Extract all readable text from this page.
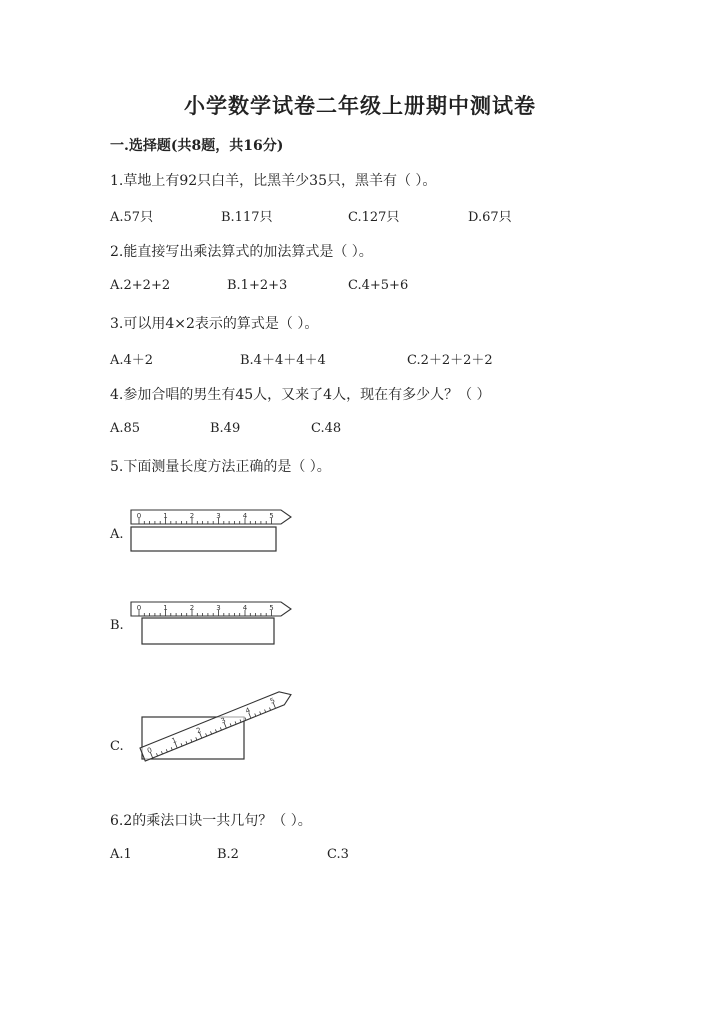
小学数学试卷二年级上册期中测试卷
一.选择题(共8题，共16分)
1.草地上有92只白羊，比黑羊少35只，黑羊有（ ）。
A.57只	B.117只	C.127只	D.67只
2.能直接写出乘法算式的加法算式是（ ）。
A.2+2+2	B.1+2+3	C.4+5+6
3.可以用4×2表示的算式是（ ）。
A.4＋2	B.4＋4＋4＋4	C.2＋2＋2＋2
4.参加合唱的男生有45人，又来了4人，现在有多少人？（ ）
A.85	B.49	C.48
5.下面测量长度方法正确的是（ ）。
A.
B.
C.
0	1	2	3	4	5
0	1	2	3	4	5
0
1
2
3
4
5
6.2的乘法口诀一共几句？（ ）。
A.1	B.2	C.3
